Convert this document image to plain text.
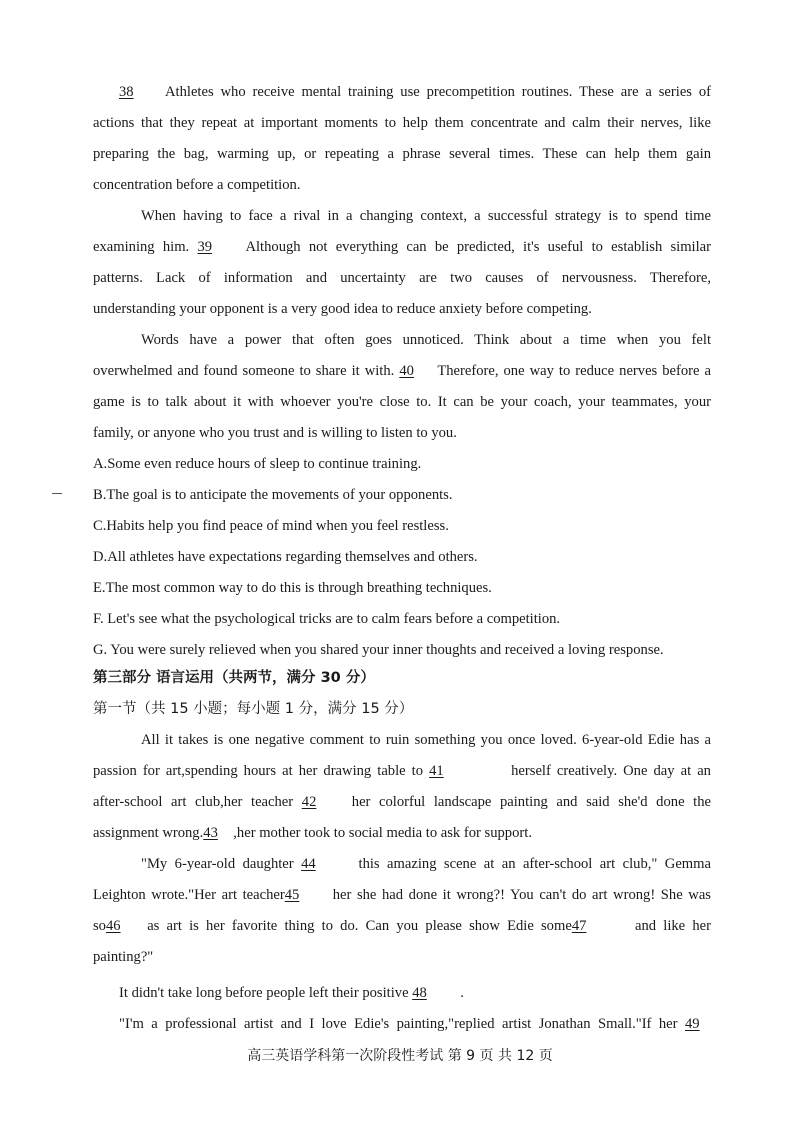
38 Athletes who receive mental training use precompetition routines. These are a series of
actions that they repeat at important moments to help them concentrate and calm their nerves, like
preparing the bag, warming up, or repeating a phrase several times. These can help them gain
concentration before a competition.
When having to face a rival in a changing context, a successful strategy is to spend time
examining him. 39 Although not everything can be predicted, it's useful to establish similar
patterns. Lack of information and uncertainty are two causes of nervousness. Therefore,
understanding your opponent is a very good idea to reduce anxiety before competing.
Words have a power that often goes unnoticed. Think about a time when you felt
overwhelmed and found someone to share it with. 40 Therefore, one way to reduce nerves before a
game is to talk about it with whoever you're close to. It can be your coach, your teammates, your
family, or anyone who you trust and is willing to listen to you.
A.Some even reduce hours of sleep to continue training.
B.The goal is to anticipate the movements of your opponents.
C.Habits help you find peace of mind when you feel restless.
D.All athletes have expectations regarding themselves and others.
E.The most common way to do this is through breathing techniques.
F. Let's see what the psychological tricks are to calm fears before a competition.
G. You were surely relieved when you shared your inner thoughts and received a loving response.
第三部分 语言运用（共两节，满分 30 分）
第一节（共 15 小题；每小题 1 分，满分 15 分）
All it takes is one negative comment to ruin something you once loved. 6-year-old Edie has a
passion for art,spending hours at her drawing table to 41	herself creatively. One day at an
after-school art club,her teacher 42 her colorful landscape painting and said she'd done the
assignment wrong.43 ,her mother took to social media to ask for support.
"My 6-year-old daughter 44	this amazing scene at an after-school art club," Gemma
Leighton wrote."Her art teacher45 her she had done it wrong?! You can't do art wrong! She was
so46 as art is her favorite thing to do. Can you please show Edie some47	and like her
painting?"
It didn't take long before people left their positive 48 .
"I'm a professional artist and I love Edie's painting,"replied artist Jonathan Small."If her 49
高三英语学科第一次阶段性考试 第 9 页 共 12 页
